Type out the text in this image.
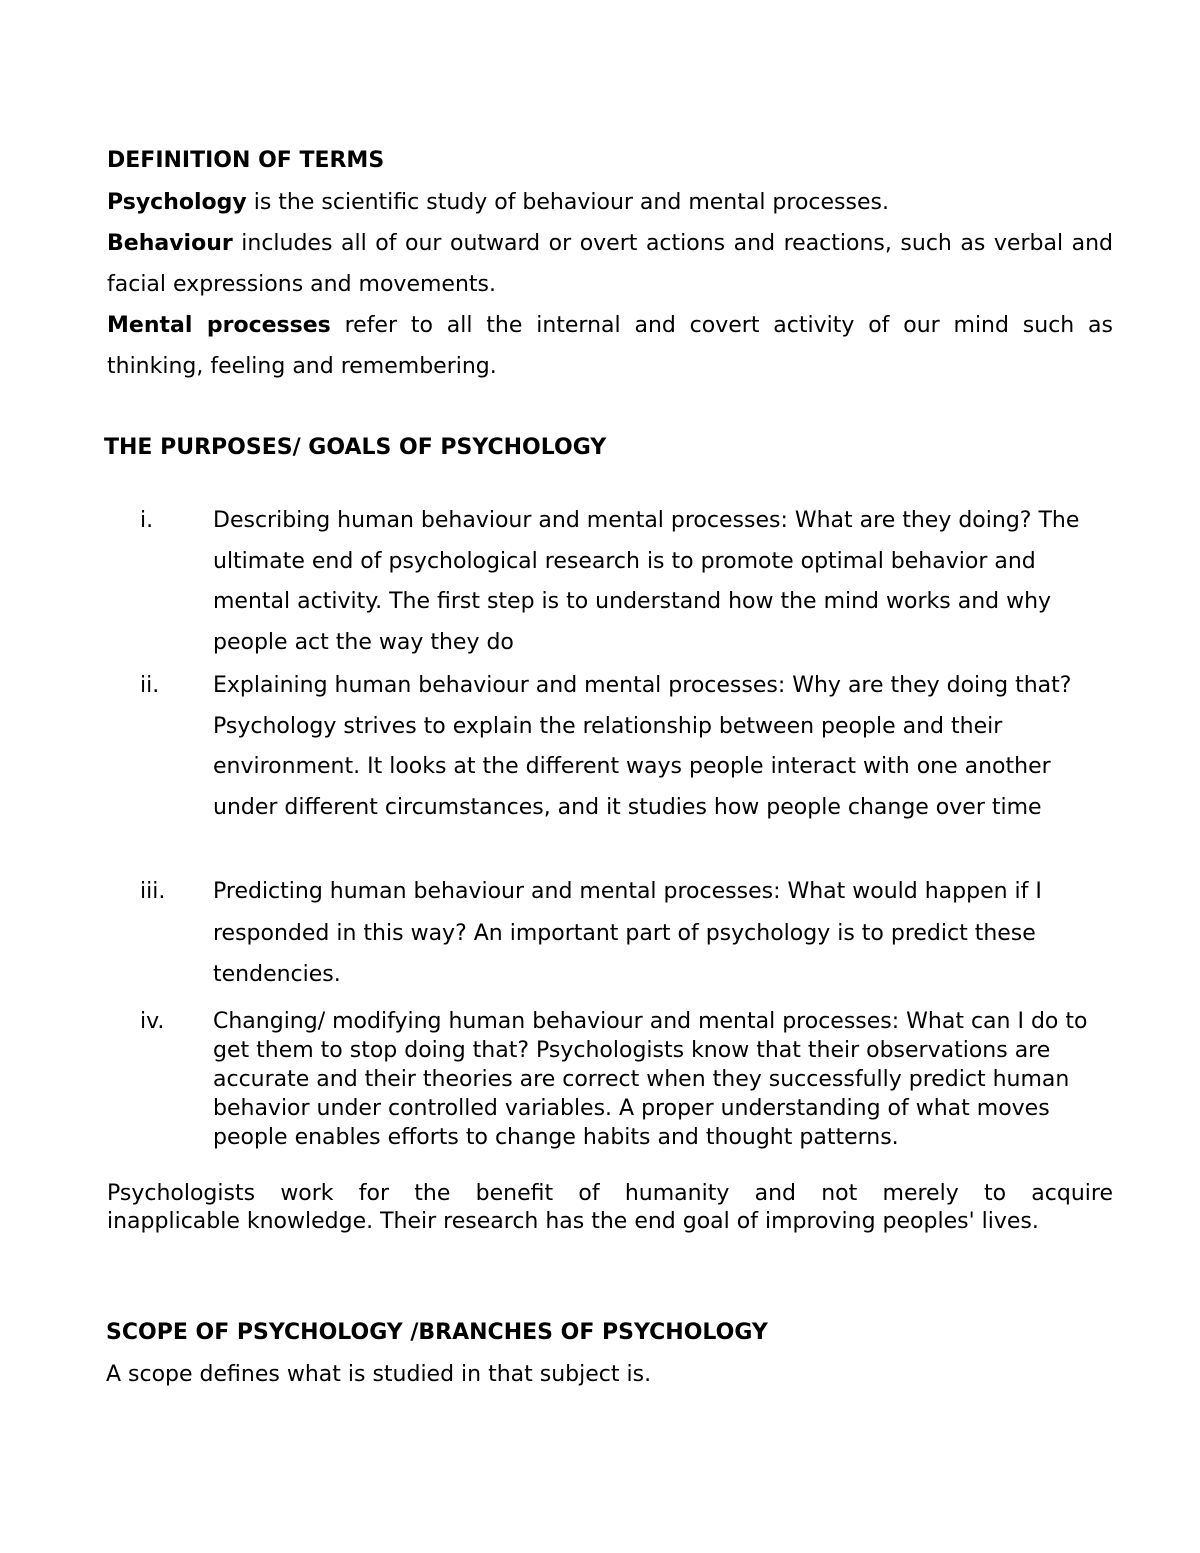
DEFINITION OF TERMS
Psychology is the scientific study of behaviour and mental processes.
Behaviour includes all of our outward or overt actions and reactions, such as verbal and facial expressions and movements.
Mental processes refer to all the internal and covert activity of our mind such as thinking, feeling and remembering.
THE PURPOSES/ GOALS OF PSYCHOLOGY
i.	Describing human behaviour and mental processes: What are they doing? The ultimate end of psychological research is to promote optimal behavior and mental activity. The first step is to understand how the mind works and why people act the way they do
ii.	Explaining human behaviour and mental processes: Why are they doing that? Psychology strives to explain the relationship between people and their environment. It looks at the different ways people interact with one another under different circumstances, and it studies how people change over time
iii.	Predicting human behaviour and mental processes: What would happen if I responded in this way? An important part of psychology is to predict these tendencies.
iv.	Changing/ modifying human behaviour and mental processes: What can I do to get them to stop doing that? Psychologists know that their observations are accurate and their theories are correct when they successfully predict human behavior under controlled variables. A proper understanding of what moves people enables efforts to change habits and thought patterns.
Psychologists work for the benefit of humanity and not merely to acquire
inapplicable knowledge. Their research has the end goal of improving peoples' lives.
SCOPE OF PSYCHOLOGY /BRANCHES OF PSYCHOLOGY
A scope defines what is studied in that subject is.
